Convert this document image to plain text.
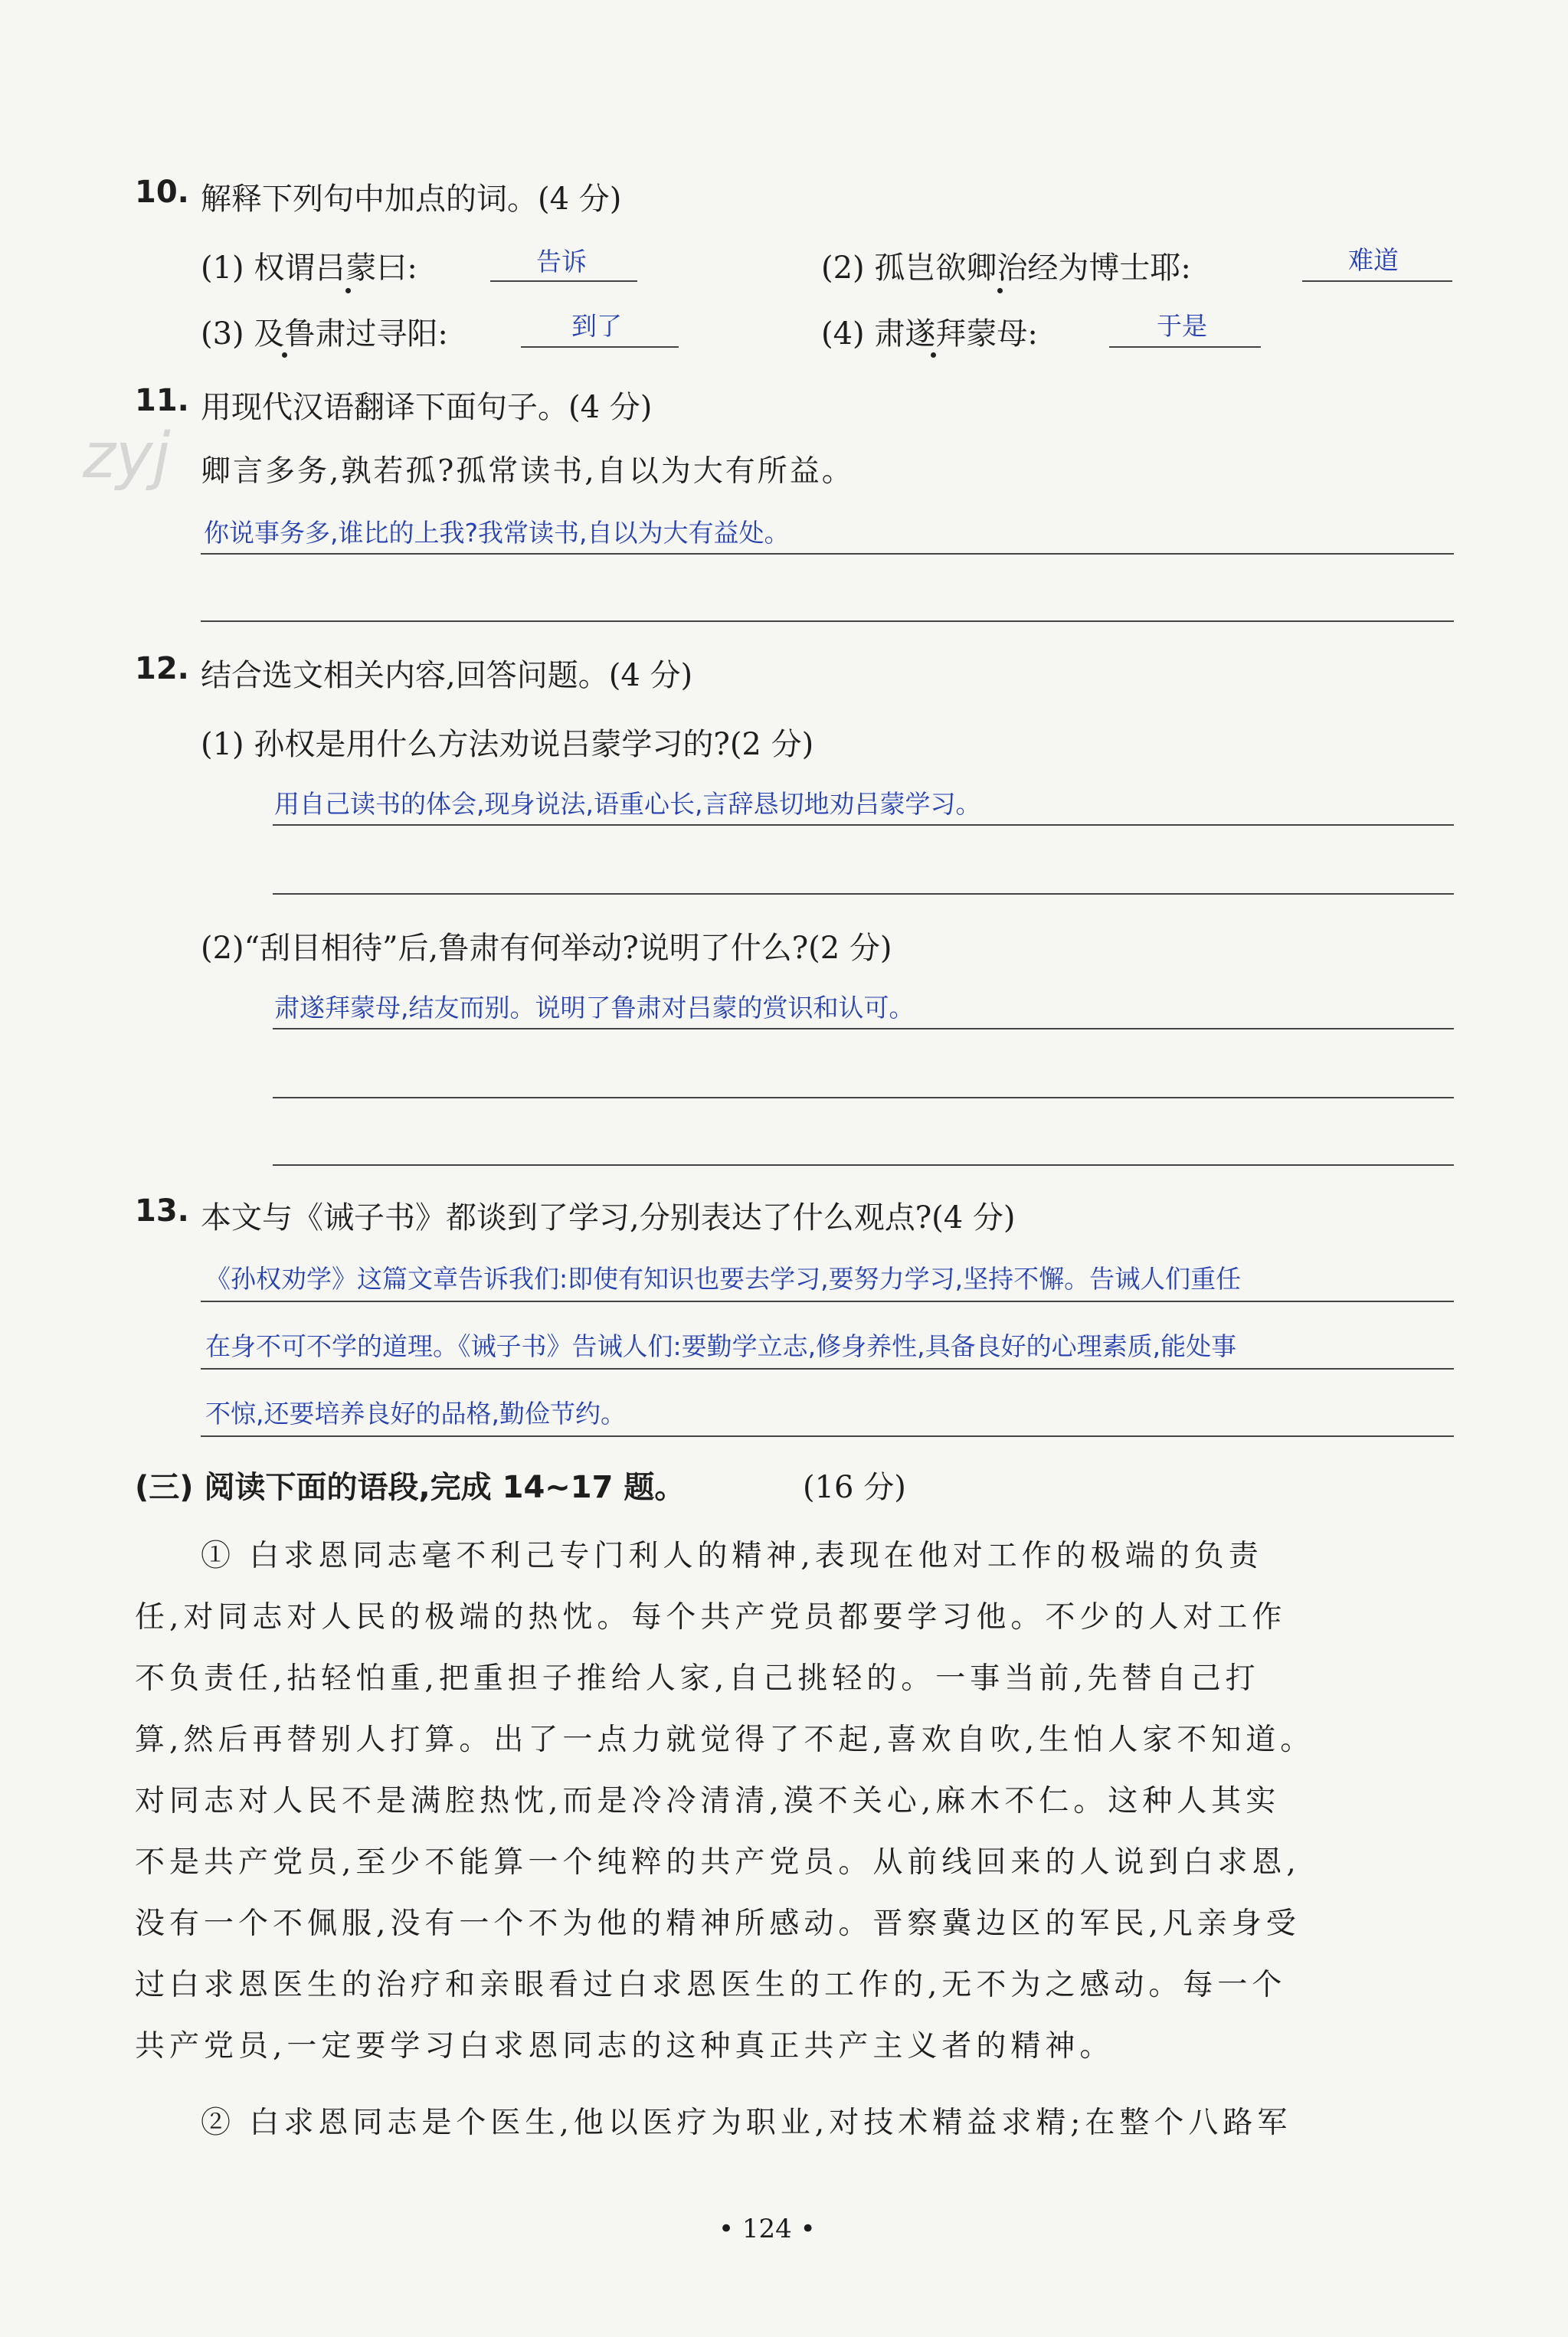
zyj
10. 解释下列句中加点的词。(4 分)
(1) 权谓吕蒙曰:	告诉	(2) 孤岂欲卿治经为博士耶:	难道
(3) 及鲁肃过寻阳:	到了	(4) 肃遂拜蒙母:	于是
11. 用现代汉语翻译下面句子。(4 分)
卿言多务,孰若孤?孤常读书,自以为大有所益。
你说事务多,谁比的上我?我常读书,自以为大有益处。
12. 结合选文相关内容,回答问题。(4 分)
(1) 孙权是用什么方法劝说吕蒙学习的?(2 分)
用自己读书的体会,现身说法,语重心长,言辞恳切地劝吕蒙学习。
(2)“刮目相待”后,鲁肃有何举动?说明了什么?(2 分)
肃遂拜蒙母,结友而别。说明了鲁肃对吕蒙的赏识和认可。
13. 本文与《诫子书》都谈到了学习,分别表达了什么观点?(4 分)
《孙权劝学》这篇文章告诉我们:即使有知识也要去学习,要努力学习,坚持不懈。告诫人们重任
在身不可不学的道理。《诫子书》告诫人们:要勤学立志,修身养性,具备良好的心理素质,能处事
不惊,还要培养良好的品格,勤俭节约。
(三) 阅读下面的语段,完成 14~17 题。	(16 分)
① 白求恩同志毫不利己专门利人的精神,表现在他对工作的极端的负责
任,对同志对人民的极端的热忱。每个共产党员都要学习他。不少的人对工作
不负责任,拈轻怕重,把重担子推给人家,自己挑轻的。一事当前,先替自己打
算,然后再替别人打算。出了一点力就觉得了不起,喜欢自吹,生怕人家不知道。
对同志对人民不是满腔热忱,而是冷冷清清,漠不关心,麻木不仁。这种人其实
不是共产党员,至少不能算一个纯粹的共产党员。从前线回来的人说到白求恩,
没有一个不佩服,没有一个不为他的精神所感动。晋察冀边区的军民,凡亲身受
过白求恩医生的治疗和亲眼看过白求恩医生的工作的,无不为之感动。每一个
共产党员,一定要学习白求恩同志的这种真正共产主义者的精神。
② 白求恩同志是个医生,他以医疗为职业,对技术精益求精;在整个八路军
• 124 •
